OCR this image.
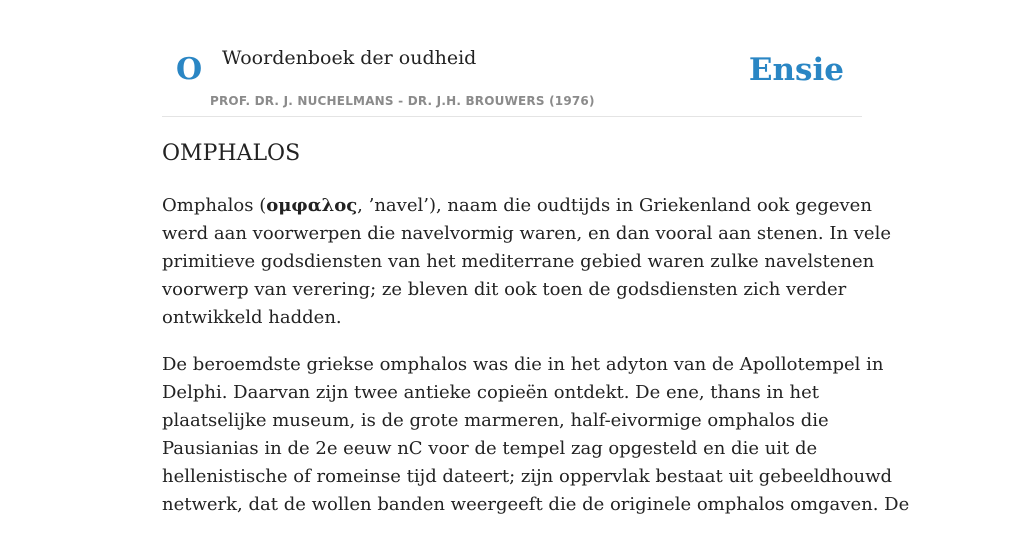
O Woordenboek der oudheid
PROF. DR. J. NUCHELMANS - DR. J.H. BROUWERS (1976)
Ensie
OMPHALOS

Omphalos (ομφαλος, ’navel’), naam die oudtijds in Griekenland ook gegeven
werd aan voorwerpen die navelvormig waren, en dan vooral aan stenen. In vele
primitieve godsdiensten van het mediterrane gebied waren zulke navelstenen
voorwerp van verering; ze bleven dit ook toen de godsdiensten zich verder
ontwikkeld hadden.

De beroemdste griekse omphalos was die in het adyton van de Apollotempel in
Delphi. Daarvan zijn twee antieke copieën ontdekt. De ene, thans in het
plaatselijke museum, is de grote marmeren, half-eivormige omphalos die
Pausianias in de 2e eeuw nC voor de tempel zag opgesteld en die uit de
hellenistische of romeinse tijd dateert; zijn oppervlak bestaat uit gebeeldhouwd
netwerk, dat de wollen banden weergeeft die de originele omphalos omgaven. De
